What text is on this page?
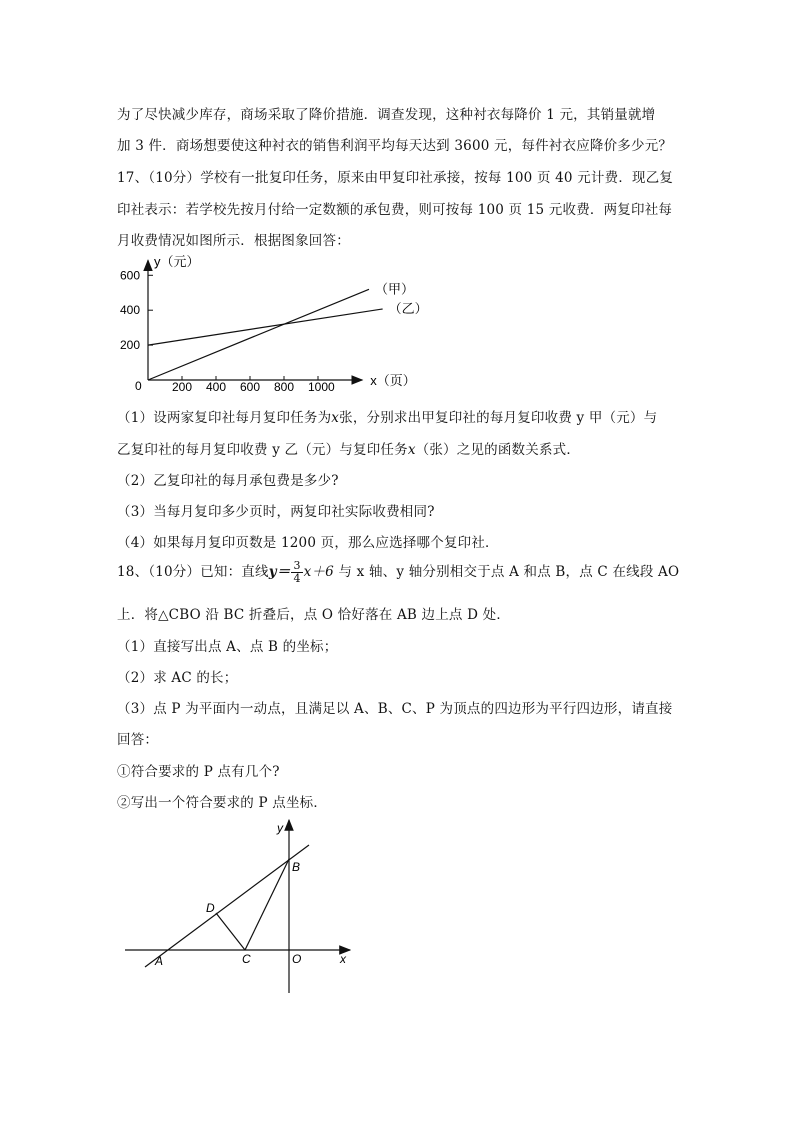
为了尽快减少库存，商场采取了降价措施．调查发现，这种衬衣每降价 1 元，其销量就增
加 3 件．商场想要使这种衬衣的销售利润平均每天达到 3600 元，每件衬衣应降价多少元？
17、（10分）学校有一批复印任务，原来由甲复印社承接，按每 100 页 40 元计费．现乙复
印社表示：若学校先按月付给一定数额的承包费，则可按每 100 页 15 元收费．两复印社每
月收费情况如图所示．根据图象回答：
y（元）
x（页）
0
200
400
600
200 400 600 800 1000
（甲）
（乙）
（1）设两家复印社每月复印任务为x张，分别求出甲复印社的每月复印收费 y 甲（元）与
乙复印社的每月复印收费 y 乙（元）与复印任务x（张）之见的函数关系式．
（2）乙复印社的每月承包费是多少?
（3）当每月复印多少页时，两复印社实际收费相同?
（4）如果每月复印页数是 1200 页，那么应选择哪个复印社．
18、（10分）已知：直线$y= \frac{3}{4} x+6$ 与 x 轴、y 轴分别相交于点 A 和点 B，点 C 在线段 AO
上．将△CBO 沿 BC 折叠后，点 O 恰好落在 AB 边上点 D 处．
（1）直接写出点 A、点 B 的坐标；
（2）求 AC 的长；
（3）点 P 为平面内一动点，且满足以 A、B、C、P 为顶点的四边形为平行四边形，请直接
回答：
①符合要求的 P 点有几个?
②写出一个符合要求的 P 点坐标．
y
x
B
D
A	C	O
